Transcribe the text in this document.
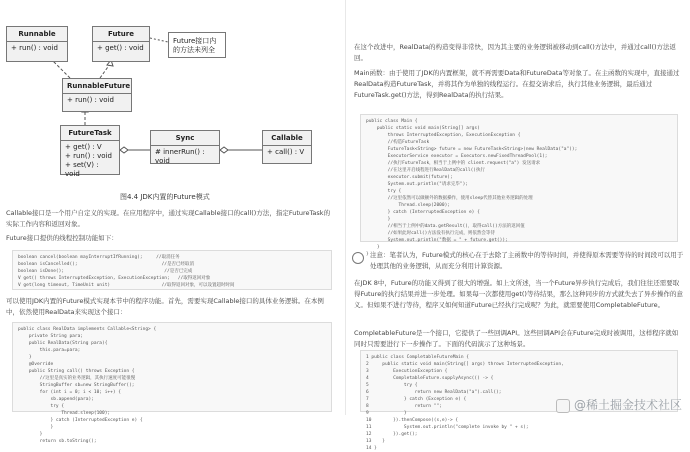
Runnable
+ run() : void
Future
+ get() : void
Future接口内
的方法未列全
RunnableFuture
+ run() : void
FutureTask
+ get() : V
+ run() : void
+ set(V) : void
Sync
# innerRun() : void
Callable
+ call() : V
图4.4 JDK内置的Future模式
Callable接口是一个用户自定义的实现。在应用程序中，通过实现Callable接口的call()方法，指定FutureTask的实际工作内容和返回对象。
Future接口提供的线程控制功能如下：
boolean cancel(boolean mayInterruptIfRunning);     //取消任务
boolean isCancelled();                               //是否已经取消
boolean isDone();                                     //是否已完成
V get() throws InterruptedException, ExecutionException;   //取得返回对象
V get(long timeout, TimeUnit unit)                   //取得返回对象，可以设置超时时间
可以使用JDK内置的Future模式实现本节中的程序功能。首先，需要实现Callable接口的具体业务逻辑。在本例中，依然使用RealData来实现这个接口：
public class RealData implements Callable<String> {
private String para;
public RealData(String para){
this.para=para;
}
@Override
public String call() throws Exception {
//这里是真实的业务逻辑，其执行速度可能很慢
StringBuffer sb=new StringBuffer();
for (int i = 0; i < 10; i++) {
sb.append(para);
try {
Thread.sleep(100);
} catch (InterruptedException e) {
}
}
return sb.toString();
在这个改进中，RealData的构造变得非常快，因为其主要的业务逻辑被移动到call()方法中，并通过call()方法返回。
Main函数：由于使用了JDK的内置框架，就不再需要Data和FutureData等对象了。在主函数的实现中，直接通过RealData构造FutureTask，并将其作为单独的线程运行。在提交请求后，执行其他业务逻辑，最后通过FutureTask.get()方法，得到RealData的执行结果。
public class Main {
public static void main(String[] args)
throws InterruptedException, ExecutionException {
//构造FutureTask
FutureTask<String> future = new FutureTask<String>(new RealData("a"));
ExecutorService executor = Executors.newFixedThreadPool(1);
//执行FutureTask，相当于上例中的 client.request("a") 发送请求
//在这里开启线程进行RealData的call()执行
executor.submit(future);
System.out.println("请求完毕");
try {
//这里依然可以做额外的数据操作，使用sleep代替其他业务逻辑的处理
Thread.sleep(2000);
} catch (InterruptedException e) {
}
//相当于上例中的data.getResult()，取得call()方法的返回值
//如果此时call()方法没有执行完成，则依然会等待
System.out.println("数据 = " + future.get());
}
} 注意：笔者认为，Future模式的核心在于去除了主函数中的等待时间，并使得原本需要等待的时间段可以用于处理其他的业务逻辑，从而充分利用计算资源。
在JDK 8中，Future的功能又得到了很大的增强。如上文所述，当一个Future异步执行完成后，我们往往还需要取得Future的执行结果并进一步处理。如果每一次都使用get()等待结果，那么这种同步的方式就失去了异步操作的意义。但如果不进行等待，程序又如何知道Future已经执行完成呢？为此，就需要使用CompletableFuture。
CompletableFuture是一个接口，它提供了一些回调API。这些回调API会在Future完成时被调用，这样程序就如同时只需要进行下一步操作了。下面的代码演示了这种场景。
1 public class CompletableFutureMain {
2     public static void main(String[] args) throws InterruptedException,
3         ExecutionException {
4         CompletableFuture.supplyAsync(() -> {
5             try {
6                 return new RealData("a").call();
7             } catch (Exception e) {
8                 return "";
9             }
10        }).thenCompose((s,e)-> {
11            System.out.println("complete invoke by " + s);
12        }).get();
13    }
14 }
@稀土掘金技术社区
